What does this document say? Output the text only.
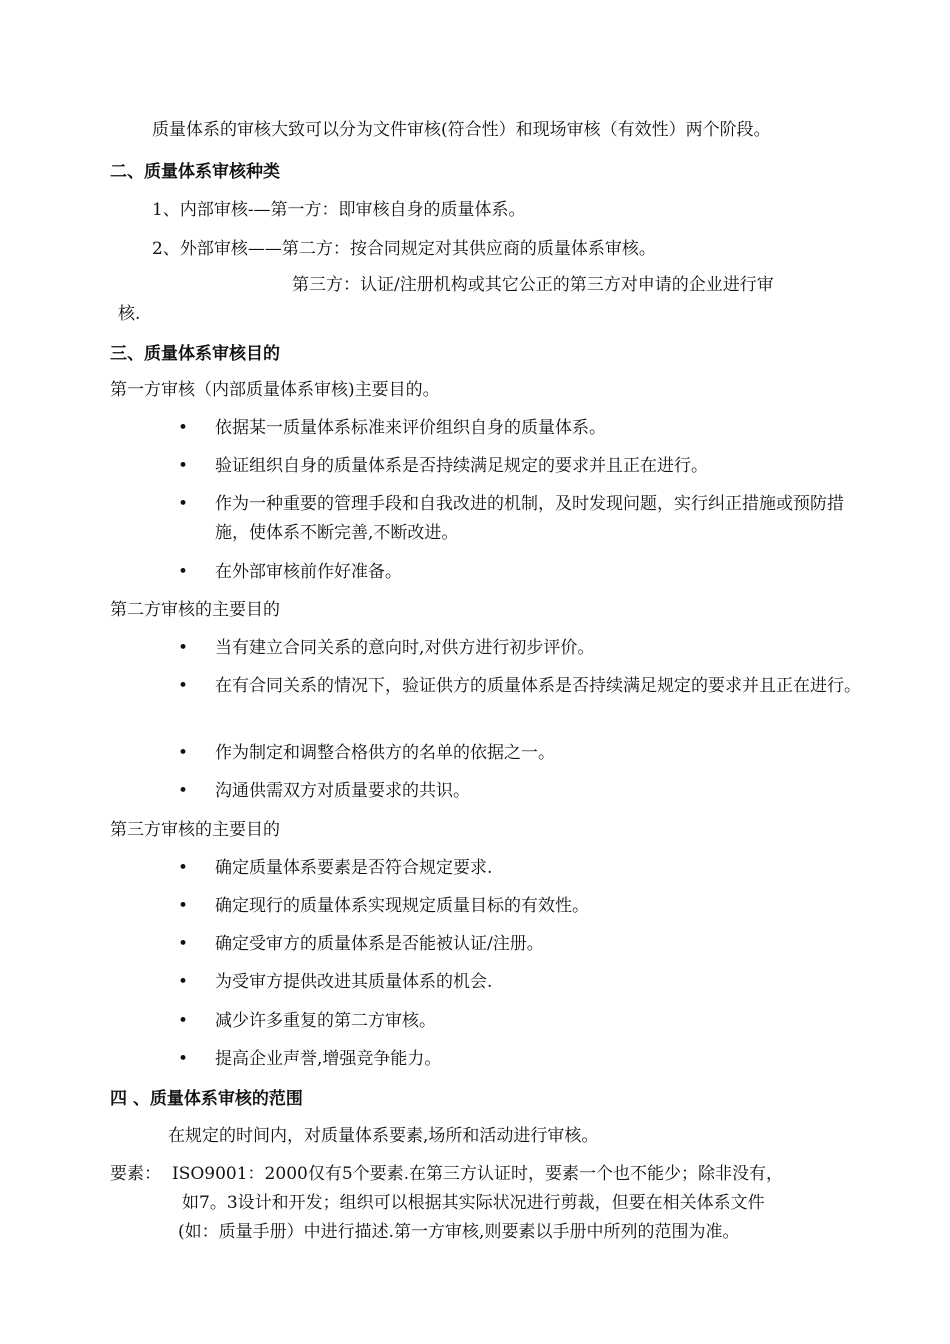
质量体系的审核大致可以分为文件审核(符合性）和现场审核（有效性）两个阶段。
二、质量体系审核种类
1、内部审核-—第一方：即审核自身的质量体系。
2、外部审核——第二方：按合同规定对其供应商的质量体系审核。
第三方：认证/注册机构或其它公正的第三方对申请的企业进行审
核.
三、质量体系审核目的
第一方审核（内部质量体系审核)主要目的。
•	依据某一质量体系标准来评价组织自身的质量体系。
•	验证组织自身的质量体系是否持续满足规定的要求并且正在进行。
•	作为一种重要的管理手段和自我改进的机制，及时发现问题，实行纠正措施或预防措施，使体系不断完善,不断改进。
•	在外部审核前作好准备。
第二方审核的主要目的
•	当有建立合同关系的意向时,对供方进行初步评价。
•	在有合同关系的情况下，验证供方的质量体系是否持续满足规定的要求并且正在进行。
•	作为制定和调整合格供方的名单的依据之一。
•	沟通供需双方对质量要求的共识。
第三方审核的主要目的
•	确定质量体系要素是否符合规定要求.
•	确定现行的质量体系实现规定质量目标的有效性。
•	确定受审方的质量体系是否能被认证/注册。
•	为受审方提供改进其质量体系的机会.
•	减少许多重复的第二方审核。
•	提高企业声誉,增强竞争能力。
四 、质量体系审核的范围
在规定的时间内，对质量体系要素,场所和活动进行审核。
要素： ISO9001：2000仅有5个要素.在第三方认证时，要素一个也不能少；除非没有，
如7。3设计和开发；组织可以根据其实际状况进行剪裁，但要在相关体系文件
(如：质量手册）中进行描述.第一方审核,则要素以手册中所列的范围为准。
